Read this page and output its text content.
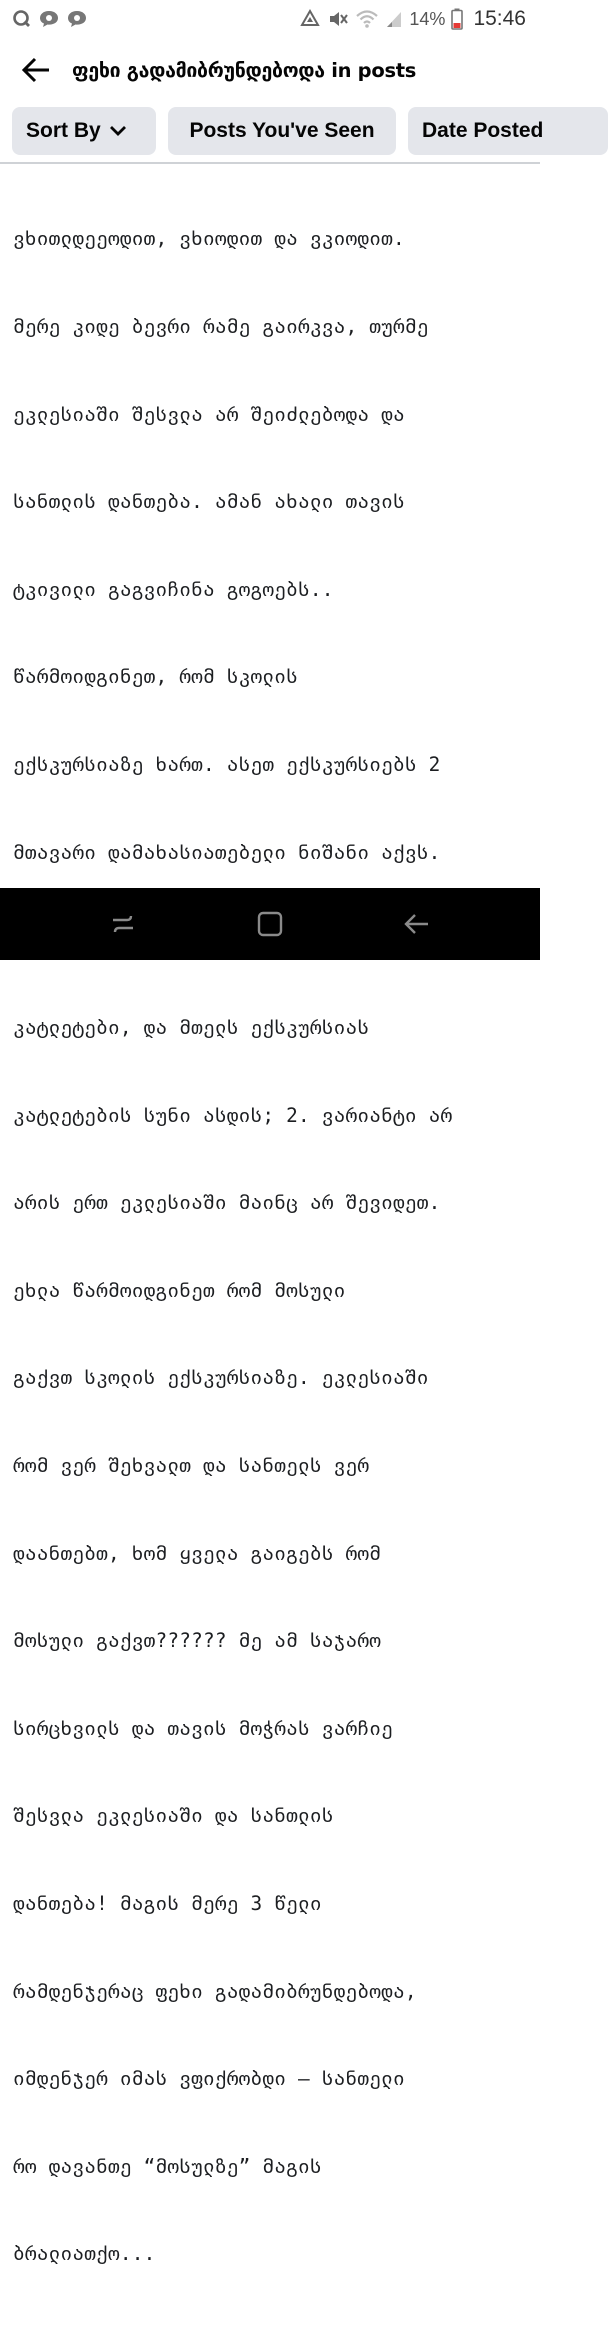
14% 15:46
ფეხი გადამიბრუნდებოდა in posts
Sort By	Posts You've Seen Date Posted

ვხითლდეეოდით, ვხიოდით და ვკიოდით.

მერე კიდე ბევრი რამე გაირკვა, თურმე

ეკლესიაში შესვლა არ შეიძლებოდა და

სანთლის დანთება. ამან ახალი თავის

ტკივილი გაგვიჩინა გოგოებს..

წარმოიდგინეთ, რომ სკოლის

ექსკურსიაზე ხართ. ასეთ ექსკურსიებს 2

მთავარი დამახასიათებელი ნიშანი აქვს.

კატლეტები, და მთელს ექსკურსიას

კატლეტების სუნი ასდის; 2. ვარიანტი არ

არის ერთ ეკლესიაში მაინც არ შევიდეთ.

ეხლა წარმოიდგინეთ რომ მოსული

გაქვთ სკოლის ექსკურსიაზე. ეკლესიაში

რომ ვერ შეხვალთ და სანთელს ვერ

დაანთებთ, ხომ ყველა გაიგებს რომ

მოსული გაქვთ?????? მე ამ საჯარო

სირცხვილს და თავის მოჭრას ვარჩიე

შესვლა ეკლესიაში და სანთლის

დანთება! მაგის მერე 3 წელი

რამდენჯერაც ფეხი გადამიბრუნდებოდა,

იმდენჯერ იმას ვფიქრობდი – სანთელი

რო დავანთე “მოსულზე” მაგის

ბრალიათქო...
